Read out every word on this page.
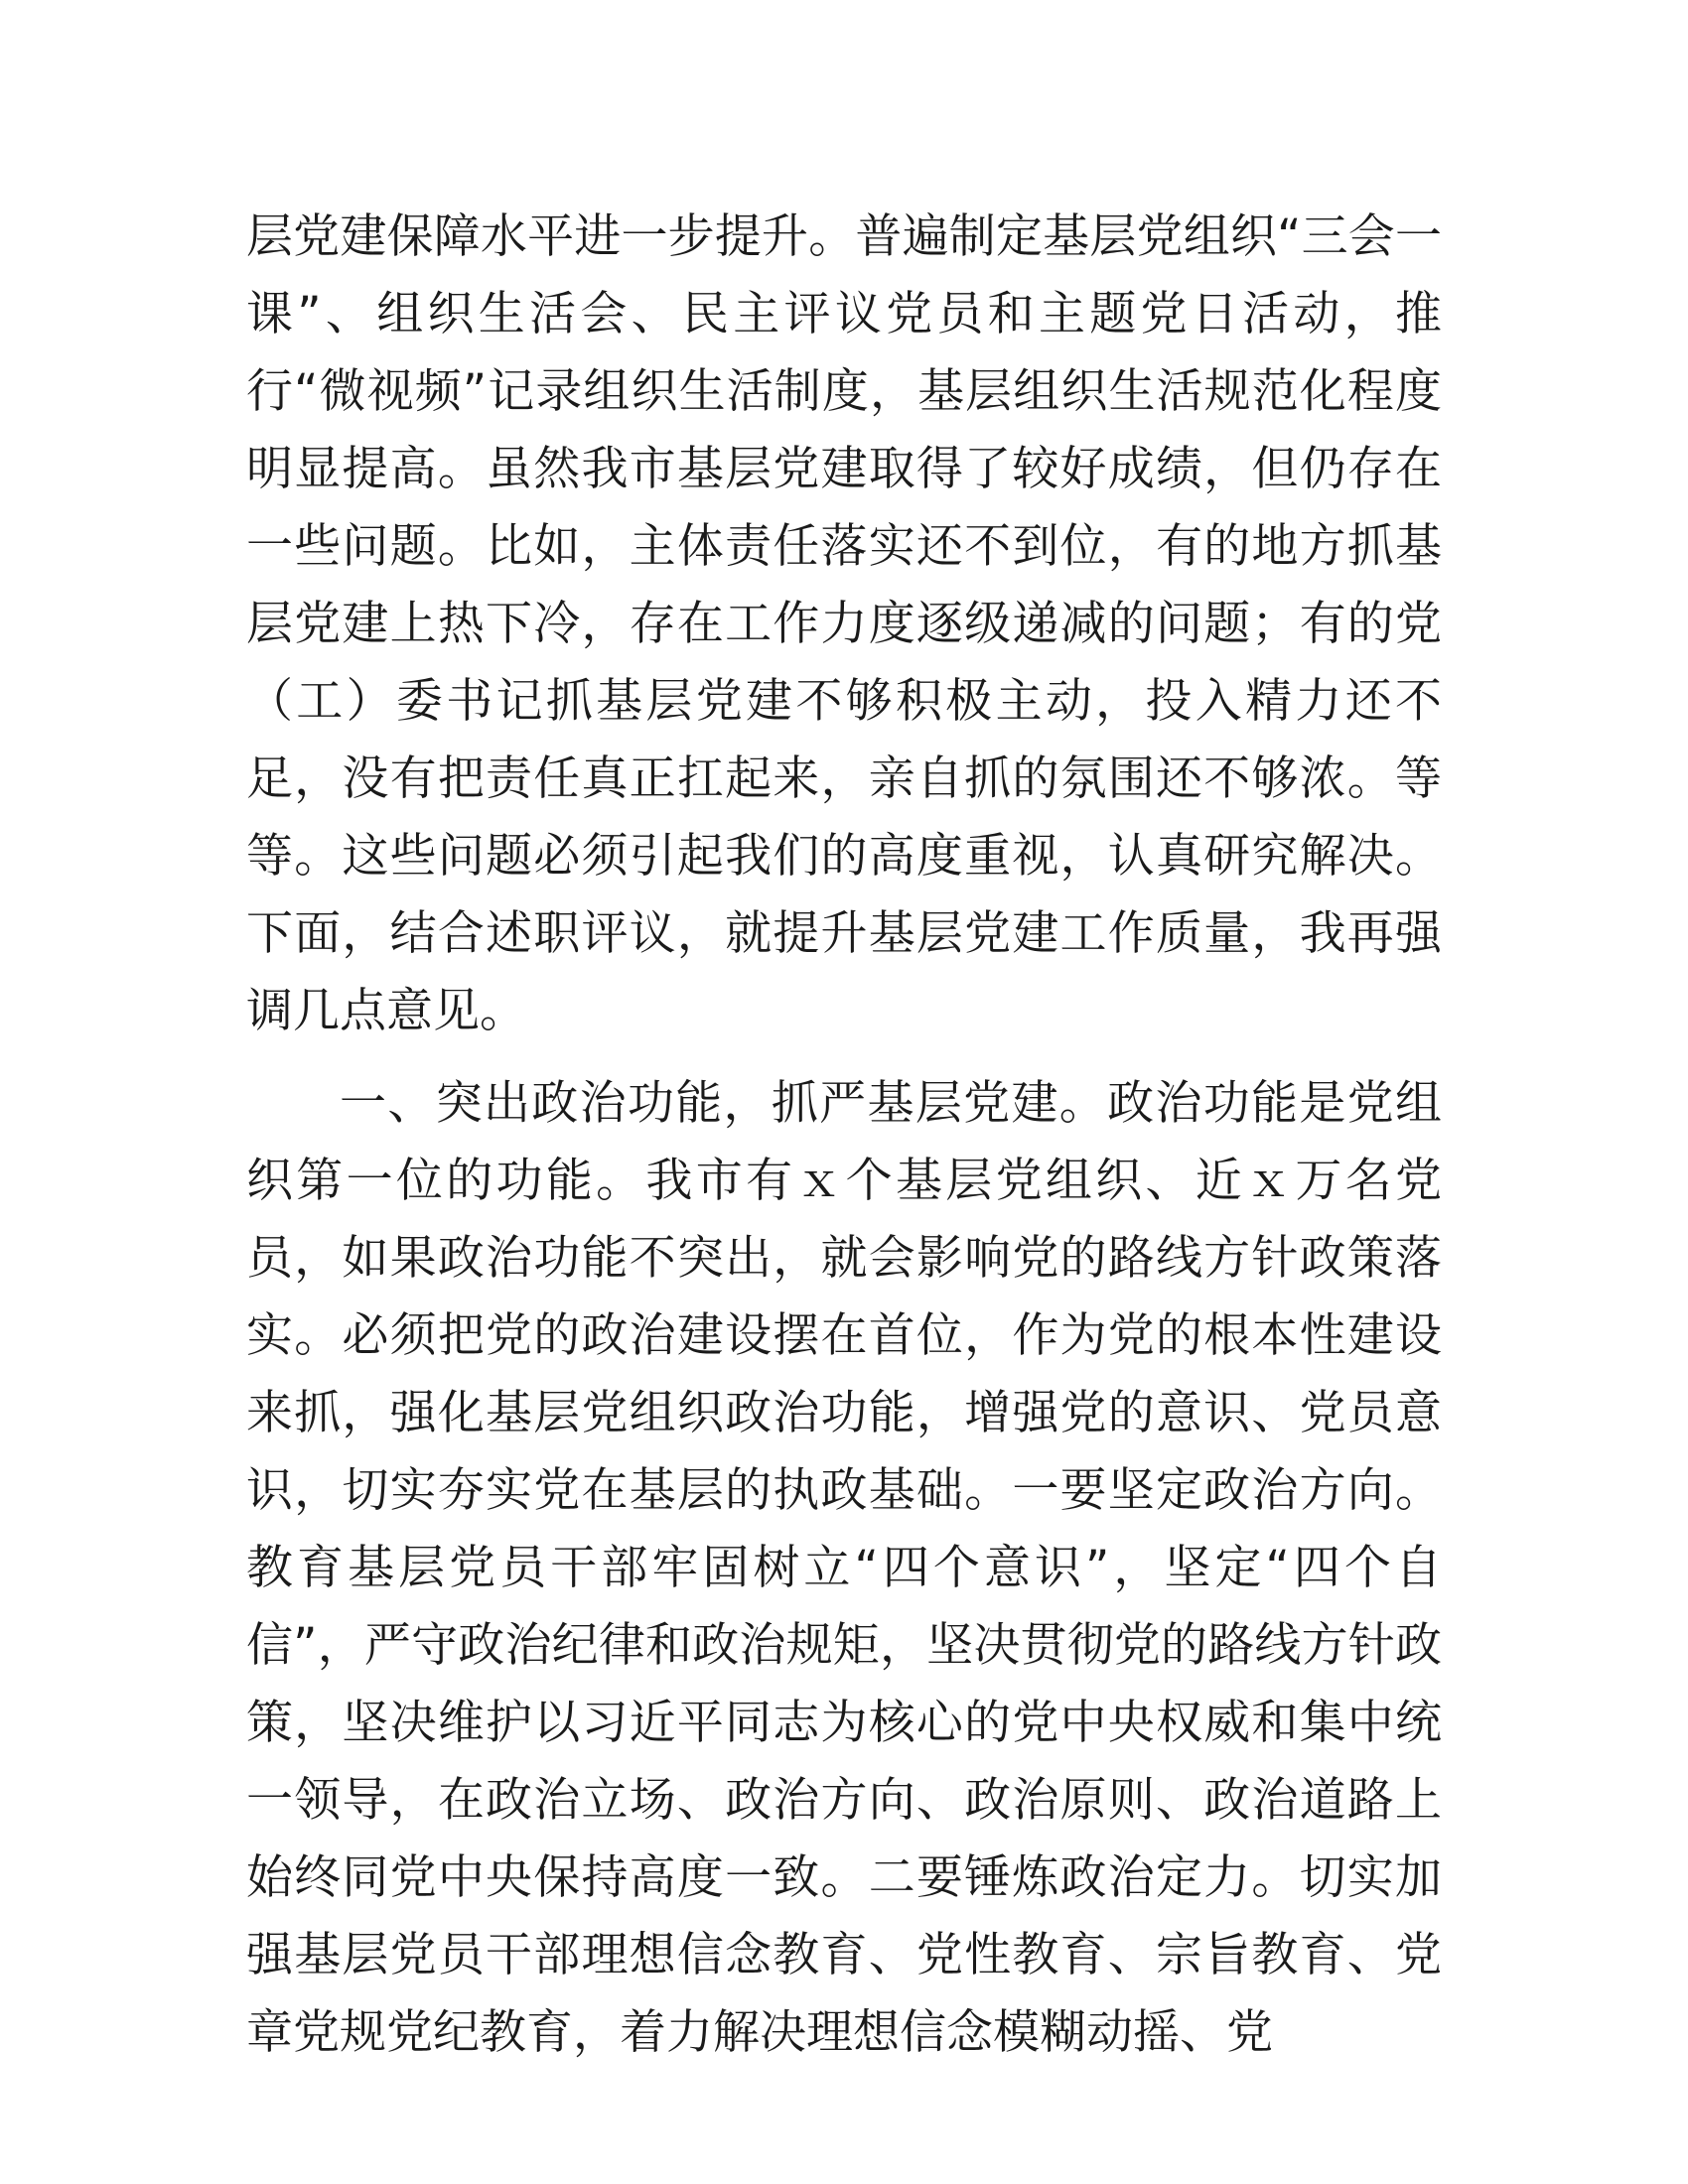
层党建保障水平进一步提升。普遍制定基层党组织“三会一课”、组织生活会、民主评议党员和主题党日活动，推行“微视频”记录组织生活制度，基层组织生活规范化程度明显提高。虽然我市基层党建取得了较好成绩，但仍存在一些问题。比如，主体责任落实还不到位，有的地方抓基层党建上热下冷，存在工作力度逐级递减的问题；有的党（工）委书记抓基层党建不够积极主动，投入精力还不足，没有把责任真正扛起来，亲自抓的氛围还不够浓。等等。这些问题必须引起我们的高度重视，认真研究解决。下面，结合述职评议，就提升基层党建工作质量，我再强调几点意见。

一、突出政治功能，抓严基层党建。政治功能是党组织第一位的功能。我市有ｘ个基层党组织、近ｘ万名党员，如果政治功能不突出，就会影响党的路线方针政策落实。必须把党的政治建设摆在首位，作为党的根本性建设来抓，强化基层党组织政治功能，增强党的意识、党员意识，切实夯实党在基层的执政基础。一要坚定政治方向。教育基层党员干部牢固树立“四个意识”，坚定“四个自信”，严守政治纪律和政治规矩，坚决贯彻党的路线方针政策，坚决维护以习近平同志为核心的党中央权威和集中统一领导，在政治立场、政治方向、政治原则、政治道路上始终同党中央保持高度一致。二要锤炼政治定力。切实加强基层党员干部理想信念教育、党性教育、宗旨教育、党章党规党纪教育，着力解决理想信念模糊动摇、党
